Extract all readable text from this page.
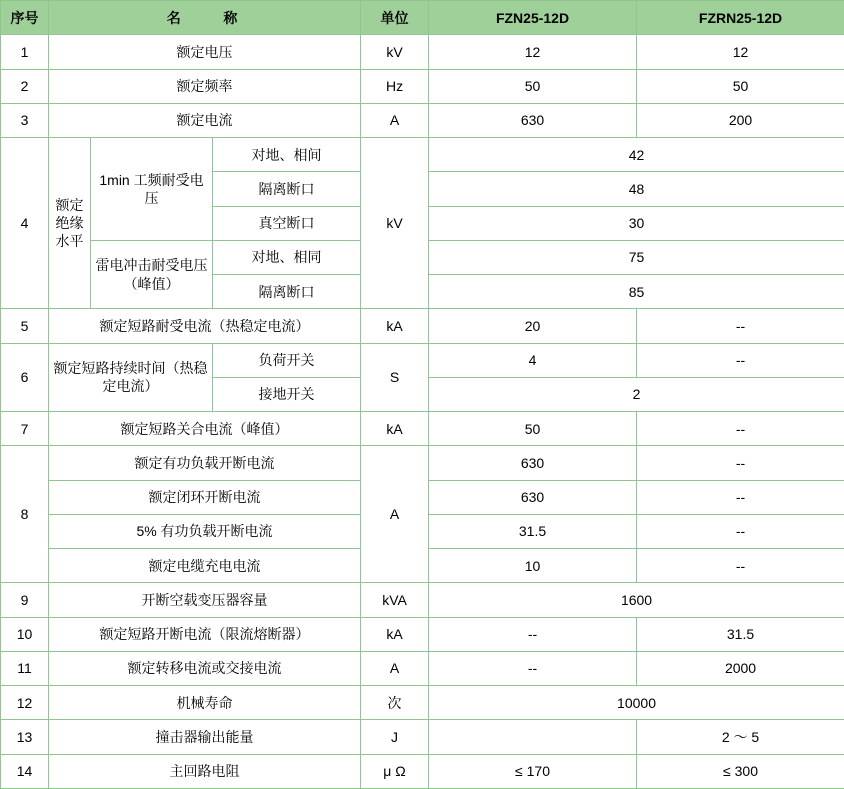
序号	名　　称			单位	FZN25-12D	FZRN25-12D
1	额定电压			kV	12	12
2	额定频率			Hz	50	50
3	额定电流			A	630	200
4	额定绝缘水平	1min 工频耐受电压	对地、相间	kV	42	
			隔离断口		48	
			真空断口		30	
		雷电冲击耐受电压（峰值）	对地、相同		75	
			隔离断口		85	
5	额定短路耐受电流（热稳定电流）			kA	20	--
6	额定短路持续时间（热稳定电流）		负荷开关	S	4	--
			接地开关		2	
7	额定短路关合电流（峰值）			kA	50	--
8	额定有功负载开断电流			A	630	--
	额定闭环开断电流				630	--
	5% 有功负载开断电流				31.5	--
	额定电缆充电电流				10	--
9	开断空载变压器容量			kVA	1600	
10	额定短路开断电流（限流熔断器）			kA	--	31.5
11	额定转移电流或交接电流			A	--	2000
12	机械寿命			次	10000	
13	撞击器输出能量			J		2 ～ 5
14	主回路电阻			μ Ω	≤ 170	≤ 300
